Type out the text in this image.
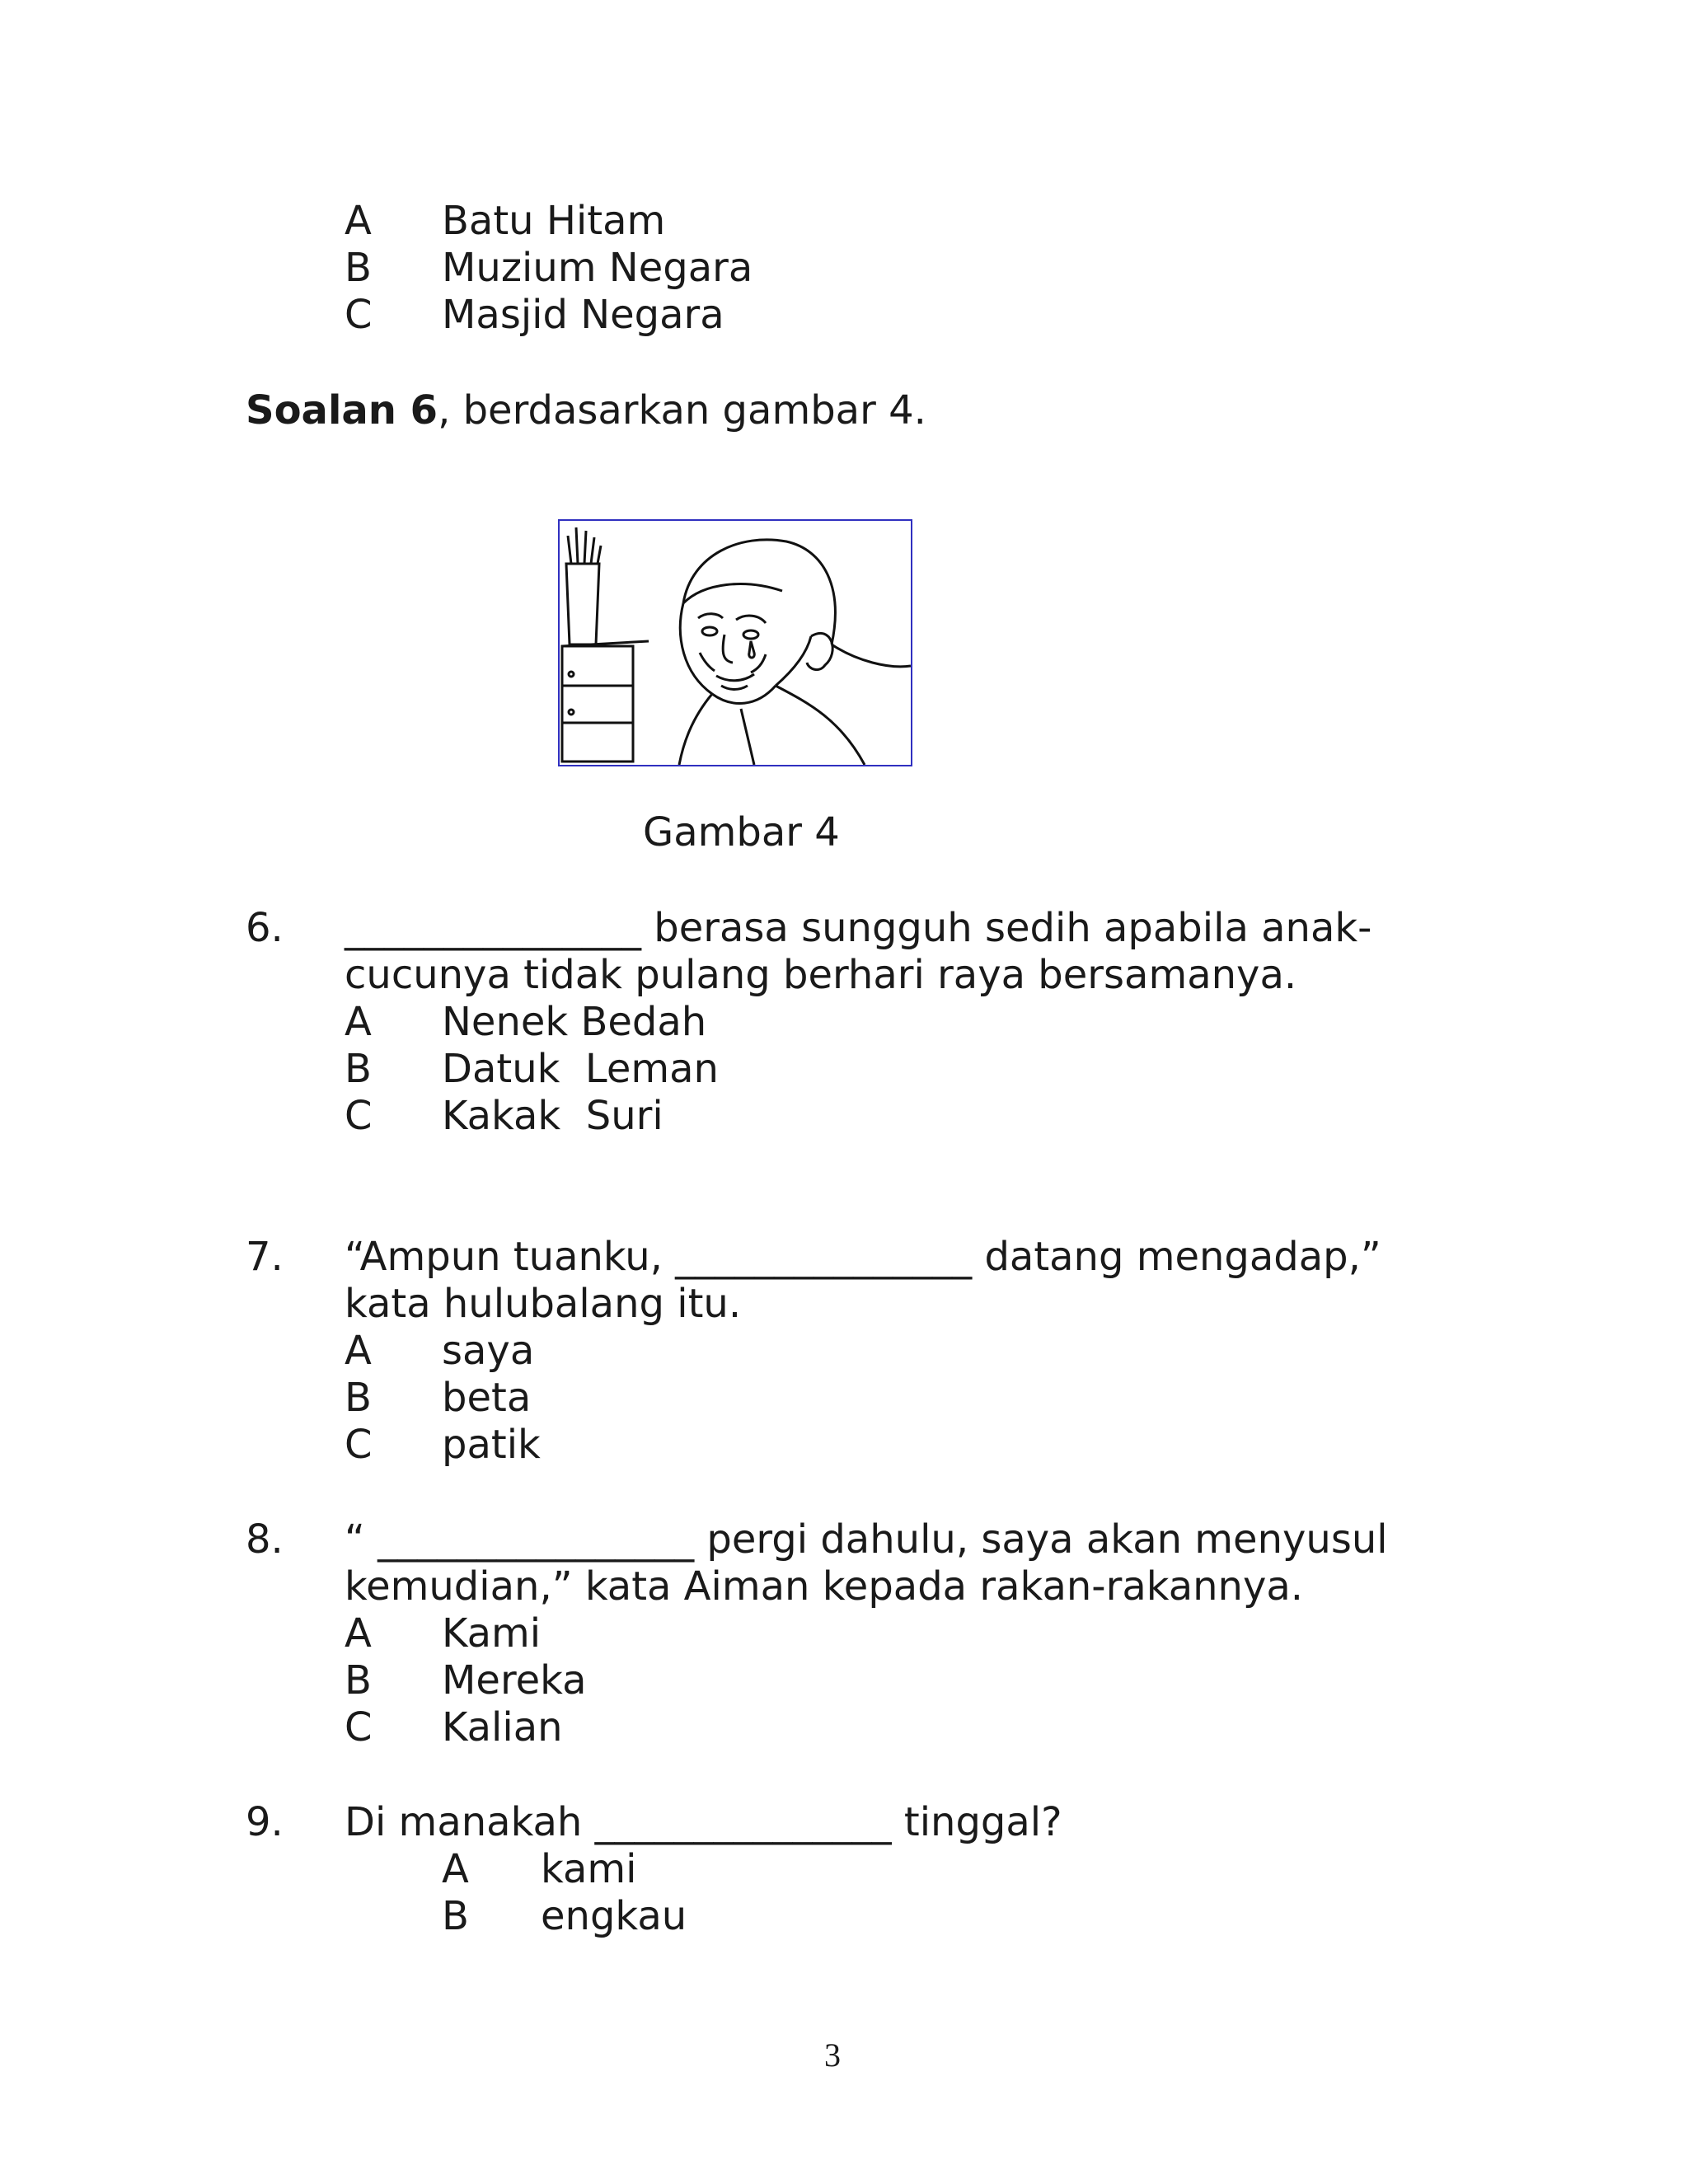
A Batu Hitam
B Muzium Negara
C Masjid Negara
Soalan 6, berdasarkan gambar 4.
Gambar 4
6. _______________ berasa sungguh sedih apabila anak-
cucunya tidak pulang berhari raya bersamanya.
A Nenek Bedah
B Datuk  Leman
C Kakak  Suri
7. “Ampun tuanku, _______________ datang mengadap,”
kata hulubalang itu.
A saya
B beta
C patik
8. “ ________________ pergi dahulu, saya akan menyusul
kemudian,” kata Aiman kepada rakan-rakannya.
A Kami
B Mereka
C Kalian
9. Di manakah _______________ tinggal?
A kami
B engkau
3
